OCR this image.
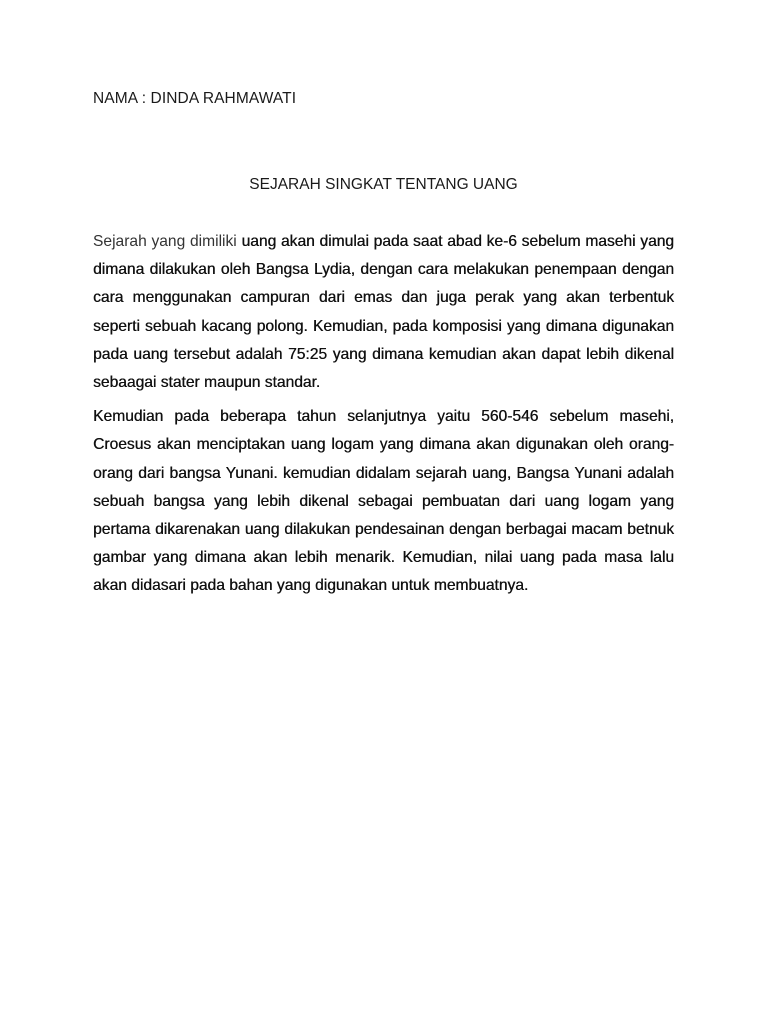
NAMA : DINDA RAHMAWATI
SEJARAH SINGKAT TENTANG UANG

Sejarah yang dimiliki uang akan dimulai pada saat abad ke-6 sebelum masehi yang dimana dilakukan oleh Bangsa Lydia, dengan cara melakukan penempaan dengan cara menggunakan campuran dari emas dan juga perak yang akan terbentuk seperti sebuah kacang polong. Kemudian, pada komposisi yang dimana digunakan pada uang tersebut adalah 75:25 yang dimana kemudian akan dapat lebih dikenal sebaagai stater maupun standar.

Kemudian pada beberapa tahun selanjutnya yaitu 560-546 sebelum masehi, Croesus akan menciptakan uang logam yang dimana akan digunakan oleh orang-orang dari bangsa Yunani. kemudian didalam sejarah uang, Bangsa Yunani adalah sebuah bangsa yang lebih dikenal sebagai pembuatan dari uang logam yang pertama dikarenakan uang dilakukan pendesainan dengan berbagai macam betnuk gambar yang dimana akan lebih menarik. Kemudian, nilai uang pada masa lalu akan didasari pada bahan yang digunakan untuk membuatnya.
